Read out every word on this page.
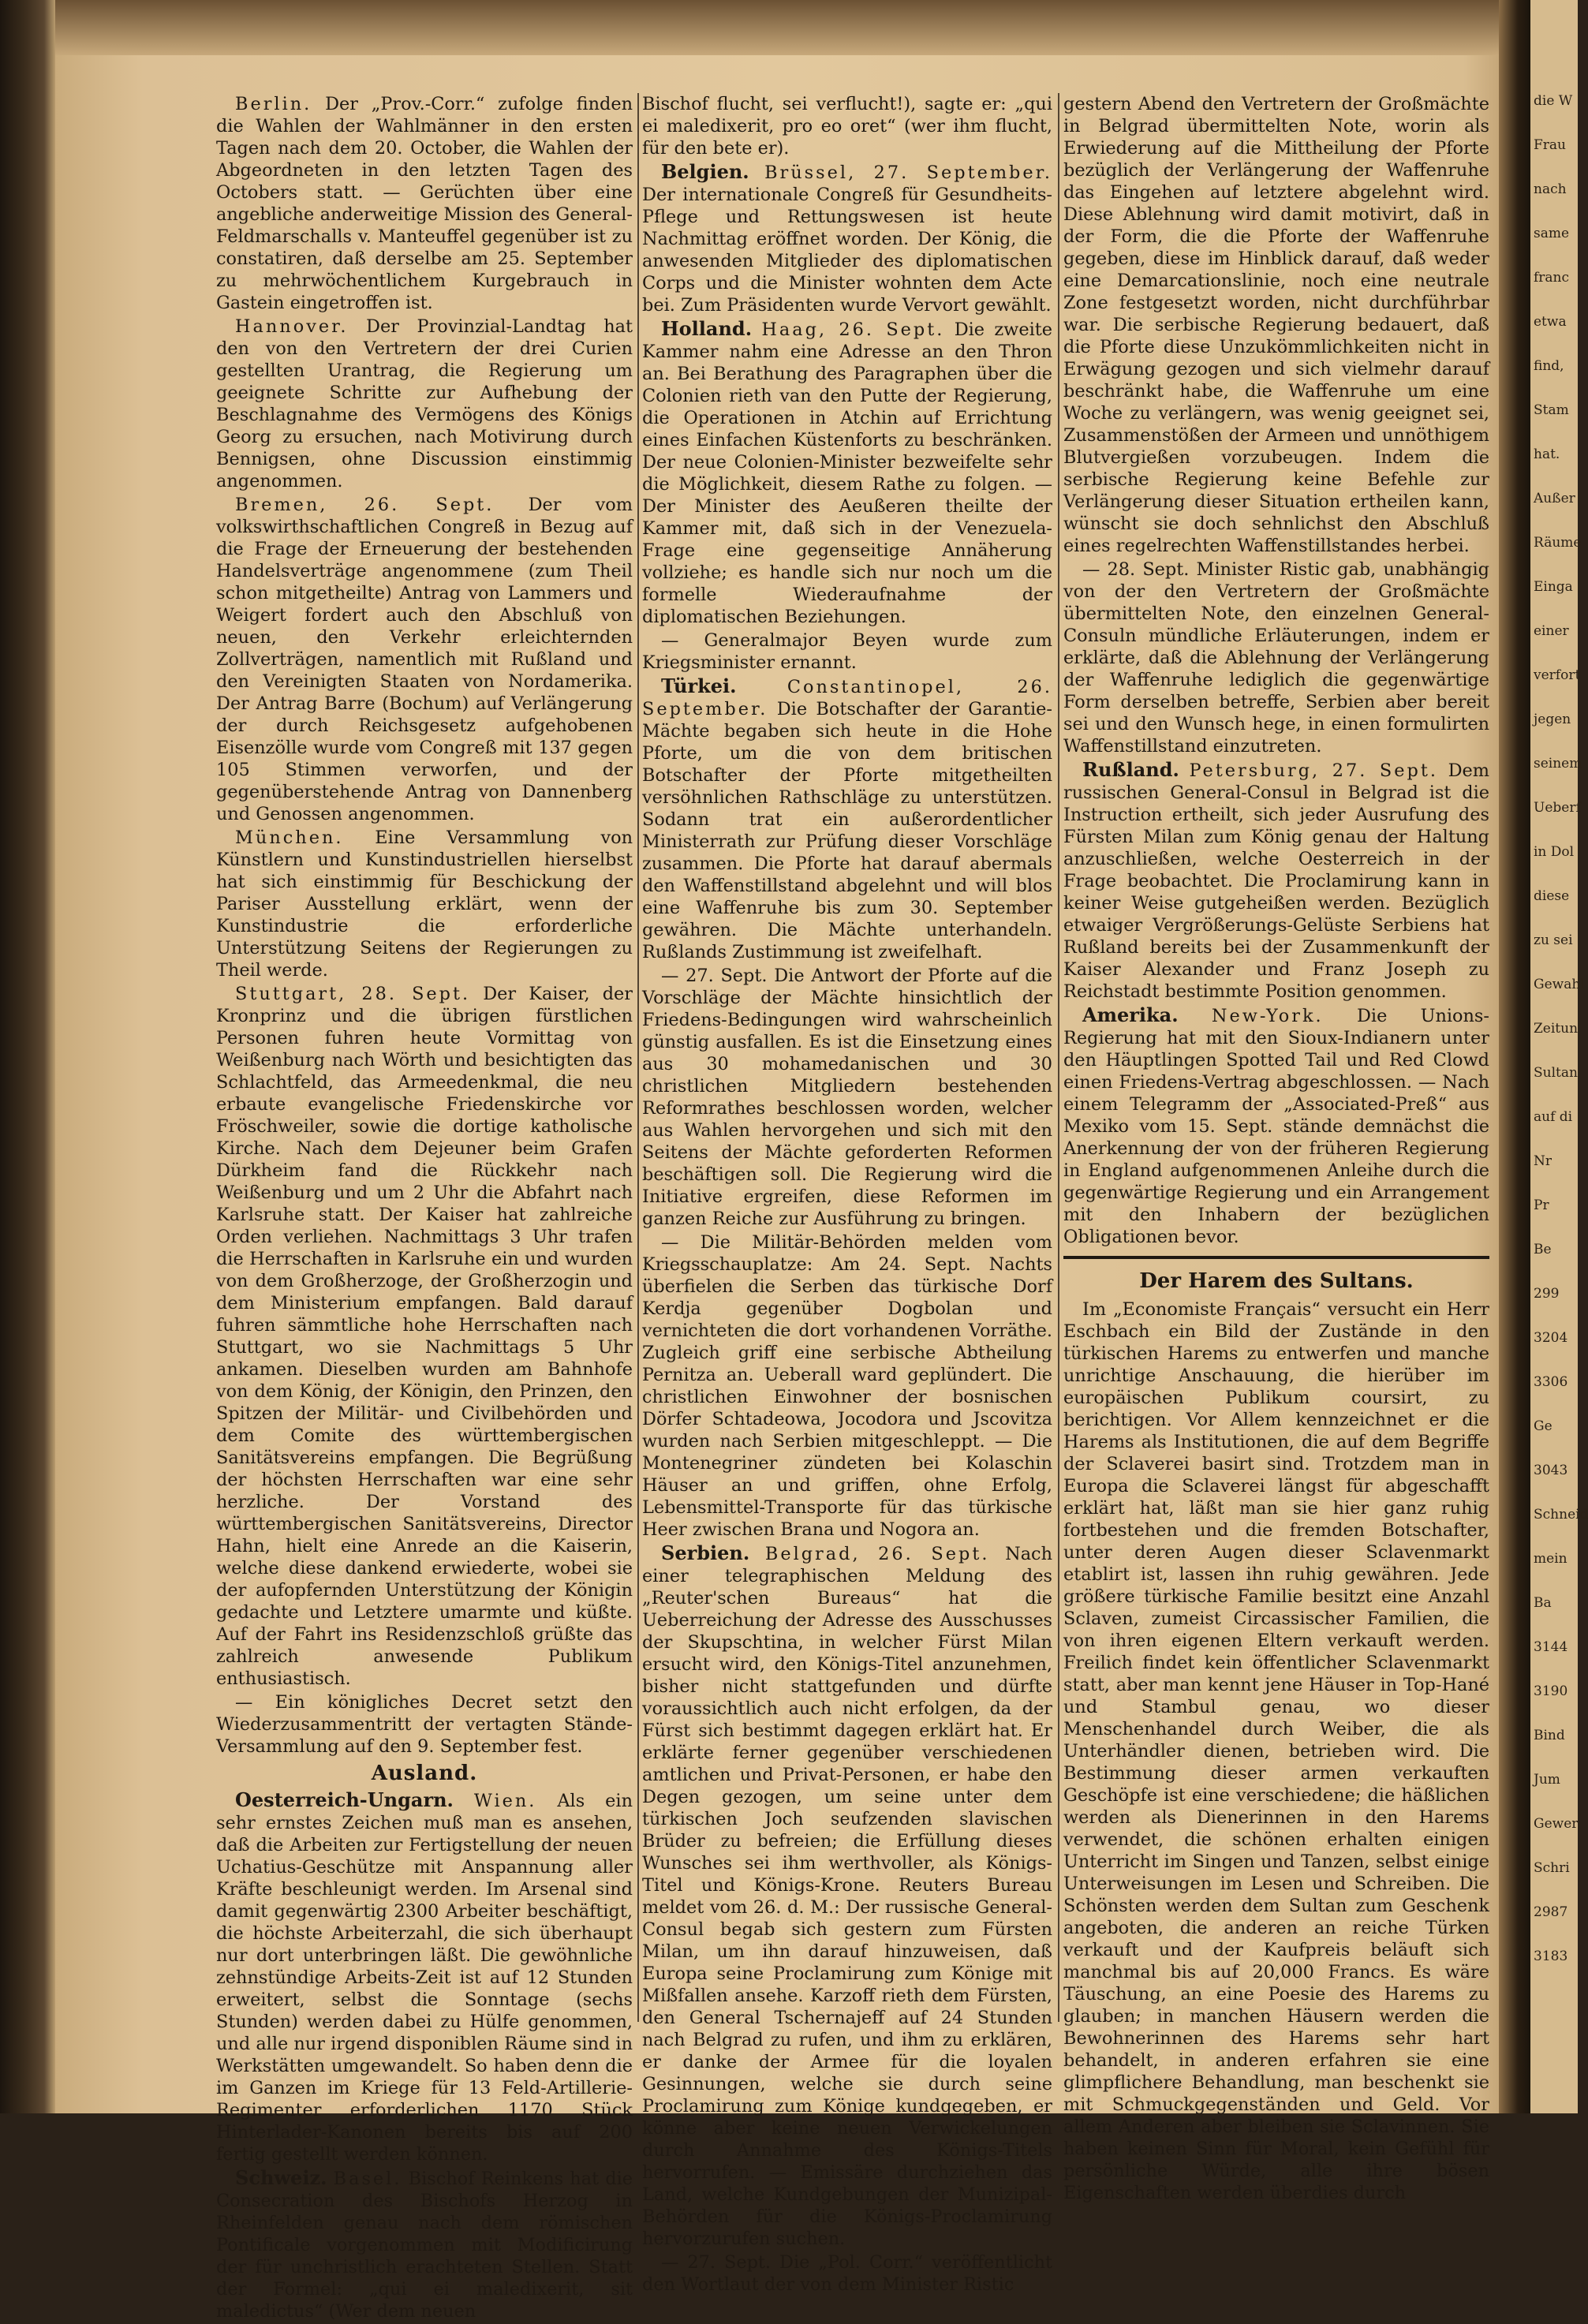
Berlin. Der „Prov.-Corr.“ zufolge finden die Wahlen der Wahlmänner in den ersten Tagen nach dem 20. October, die Wahlen der Abgeordneten in den letzten Tagen des Octobers statt. — Gerüchten über eine angebliche anderweitige Mission des General-Feldmarschalls v. Manteuffel gegenüber ist zu constatiren, daß derselbe am 25. September zu mehrwöchentlichem Kurgebrauch in Gastein eingetroffen ist.

Hannover. Der Provinzial-Landtag hat den von den Vertretern der drei Curien gestellten Urantrag, die Regierung um geeignete Schritte zur Aufhebung der Beschlagnahme des Vermögens des Königs Georg zu ersuchen, nach Motivirung durch Bennigsen, ohne Discussion einstimmig angenommen.

Bremen, 26. Sept. Der vom volkswirthschaftlichen Congreß in Bezug auf die Frage der Erneuerung der bestehenden Handelsverträge angenommene (zum Theil schon mitgetheilte) Antrag von Lammers und Weigert fordert auch den Abschluß von neuen, den Verkehr erleichternden Zollverträgen, namentlich mit Rußland und den Vereinigten Staaten von Nordamerika. Der Antrag Barre (Bochum) auf Verlängerung der durch Reichsgesetz aufgehobenen Eisenzölle wurde vom Congreß mit 137 gegen 105 Stimmen verworfen, und der gegenüberstehende Antrag von Dannenberg und Genossen angenommen.

München. Eine Versammlung von Künstlern und Kunstindustriellen hierselbst hat sich einstimmig für Beschickung der Pariser Ausstellung erklärt, wenn der Kunstindustrie die erforderliche Unterstützung Seitens der Regierungen zu Theil werde.

Stuttgart, 28. Sept. Der Kaiser, der Kronprinz und die übrigen fürstlichen Personen fuhren heute Vormittag von Weißenburg nach Wörth und besichtigten das Schlachtfeld, das Armeedenkmal, die neu erbaute evangelische Friedenskirche vor Fröschweiler, sowie die dortige katholische Kirche. Nach dem Dejeuner beim Grafen Dürkheim fand die Rückkehr nach Weißenburg und um 2 Uhr die Abfahrt nach Karlsruhe statt. Der Kaiser hat zahlreiche Orden verliehen. Nachmittags 3 Uhr trafen die Herrschaften in Karlsruhe ein und wurden von dem Großherzoge, der Großherzogin und dem Ministerium empfangen. Bald darauf fuhren sämmtliche hohe Herrschaften nach Stuttgart, wo sie Nachmittags 5 Uhr ankamen. Dieselben wurden am Bahnhofe von dem König, der Königin, den Prinzen, den Spitzen der Militär- und Civilbehörden und dem Comite des württembergischen Sanitätsvereins empfangen. Die Begrüßung der höchsten Herrschaften war eine sehr herzliche. Der Vorstand des württembergischen Sanitätsvereins, Director Hahn, hielt eine Anrede an die Kaiserin, welche diese dankend erwiederte, wobei sie der aufopfernden Unterstützung der Königin gedachte und Letztere umarmte und küßte. Auf der Fahrt ins Residenzschloß grüßte das zahlreich anwesende Publikum enthusiastisch.

— Ein königliches Decret setzt den Wiederzusammentritt der vertagten Stände-Versammlung auf den 9. September fest.

Ausland.

Oesterreich-Ungarn. Wien. Als ein sehr ernstes Zeichen muß man es ansehen, daß die Arbeiten zur Fertigstellung der neuen Uchatius-Geschütze mit Anspannung aller Kräfte beschleunigt werden. Im Arsenal sind damit gegenwärtig 2300 Arbeiter beschäftigt, die höchste Arbeiterzahl, die sich überhaupt nur dort unterbringen läßt. Die gewöhnliche zehnstündige Arbeits-Zeit ist auf 12 Stunden erweitert, selbst die Sonntage (sechs Stunden) werden dabei zu Hülfe genommen, und alle nur irgend disponiblen Räume sind in Werkstätten umgewandelt. So haben denn die im Ganzen im Kriege für 13 Feld-Artillerie-Regimenter erforderlichen 1170 Stück Hinterlader-Kanonen bereits bis auf 200 fertig gestellt werden können.

Schweiz. Basel. Bischof Reinkens hat die Consecration des Bischofs Herzog in Rheinfelden genau nach dem römischen Pontificale vorgenommen mit Modificirung der für unchristlich erachteten Stellen. Statt der Formel: „qui ei maledixerit, sit maledictus“ (Wer dem neuen

Bischof flucht, sei verflucht!), sagte er: „qui ei maledixerit, pro eo oret“ (wer ihm flucht, für den bete er).

Belgien. Brüssel, 27. September. Der internationale Congreß für Gesundheits-Pflege und Rettungswesen ist heute Nachmittag eröffnet worden. Der König, die anwesenden Mitglieder des diplomatischen Corps und die Minister wohnten dem Acte bei. Zum Präsidenten wurde Vervort gewählt.

Holland. Haag, 26. Sept. Die zweite Kammer nahm eine Adresse an den Thron an. Bei Berathung des Paragraphen über die Colonien rieth van den Putte der Regierung, die Operationen in Atchin auf Errichtung eines Einfachen Küstenforts zu beschränken. Der neue Colonien-Minister bezweifelte sehr die Möglichkeit, diesem Rathe zu folgen. — Der Minister des Aeußeren theilte der Kammer mit, daß sich in der Venezuela-Frage eine gegenseitige Annäherung vollziehe; es handle sich nur noch um die formelle Wiederaufnahme der diplomatischen Beziehungen.

— Generalmajor Beyen wurde zum Kriegsminister ernannt.

Türkei.	Constantinopel, 26. September. Die Botschafter der Garantie-Mächte begaben sich heute in die Hohe Pforte, um die von dem britischen Botschafter der Pforte mitgetheilten versöhnlichen Rathschläge zu unterstützen. Sodann trat ein außerordentlicher Ministerrath zur Prüfung dieser Vorschläge zusammen. Die Pforte hat darauf abermals den Waffenstillstand abgelehnt und will blos eine Waffenruhe bis zum 30. September gewähren. Die Mächte unterhandeln. Rußlands Zustimmung ist zweifelhaft.

— 27. Sept. Die Antwort der Pforte auf die Vorschläge der Mächte hinsichtlich der Friedens-Bedingungen wird wahrscheinlich günstig ausfallen. Es ist die Einsetzung eines aus 30 mohamedanischen und 30 christlichen Mitgliedern bestehenden Reformrathes beschlossen worden, welcher aus Wahlen hervorgehen und sich mit den Seitens der Mächte geforderten Reformen beschäftigen soll. Die Regierung wird die Initiative ergreifen, diese Reformen im ganzen Reiche zur Ausführung zu bringen.

— Die Militär-Behörden melden vom Kriegsschauplatze: Am 24. Sept. Nachts überfielen die Serben das türkische Dorf Kerdja gegenüber Dogbolan und vernichteten die dort vorhandenen Vorräthe. Zugleich griff eine serbische Abtheilung Pernitza an. Ueberall ward geplündert. Die christlichen Einwohner der bosnischen Dörfer Schtadeowa, Jocodora und Jscovitza wurden nach Serbien mitgeschleppt. — Die Montenegriner zündeten bei Kolaschin Häuser an und griffen, ohne Erfolg, Lebensmittel-Transporte für das türkische Heer zwischen Brana und Nogora an.

Serbien. Belgrad, 26. Sept. Nach einer telegraphischen Meldung des „Reuter'schen Bureaus“ hat die Ueberreichung der Adresse des Ausschusses der Skupschtina, in welcher Fürst Milan ersucht wird, den Königs-Titel anzunehmen, bisher nicht stattgefunden und dürfte voraussichtlich auch nicht erfolgen, da der Fürst sich bestimmt dagegen erklärt hat. Er erklärte ferner gegenüber verschiedenen amtlichen und Privat-Personen, er habe den Degen gezogen, um seine unter dem türkischen Joch seufzenden slavischen Brüder zu befreien; die Erfüllung dieses Wunsches sei ihm werthvoller, als Königs-Titel und Königs-Krone. Reuters Bureau meldet vom 26. d. M.: Der russische General-Consul begab sich gestern zum Fürsten Milan, um ihn darauf hinzuweisen, daß Europa seine Proclamirung zum Könige mit Mißfallen ansehe. Karzoff rieth dem Fürsten, den General Tschernajeff auf 24 Stunden nach Belgrad zu rufen, und ihm zu erklären, er danke der Armee für die loyalen Gesinnungen, welche sie durch seine Proclamirung zum Könige kundgegeben, er könne aber keine neuen Verwickelungen durch Annahme des Königs-Titels hervorrufen. — Emissäre durchziehen das Land, welche Kundgebungen der Munizipal-Behörden für die Königs-Proclamirung hervorzurufen suchen.

— 27. Sept. Die „Pol. Corr.“ veröffentlicht den Wortlaut der von dem Minister Ristic

gestern Abend den Vertretern der Großmächte in Belgrad übermittelten Note, worin als Erwiederung auf die Mittheilung der Pforte bezüglich der Verlängerung der Waffenruhe das Eingehen auf letztere abgelehnt wird. Diese Ablehnung wird damit motivirt, daß in der Form, die die Pforte der Waffenruhe gegeben, diese im Hinblick darauf, daß weder eine Demarcationslinie, noch eine neutrale Zone festgesetzt worden, nicht durchführbar war. Die serbische Regierung bedauert, daß die Pforte diese Unzukömmlichkeiten nicht in Erwägung gezogen und sich vielmehr darauf beschränkt habe, die Waffenruhe um eine Woche zu verlängern, was wenig geeignet sei, Zusammenstößen der Armeen und unnöthigem Blutvergießen vorzubeugen. Indem die serbische Regierung keine Befehle zur Verlängerung dieser Situation ertheilen kann, wünscht sie doch sehnlichst den Abschluß eines regelrechten Waffenstillstandes herbei.

— 28. Sept. Minister Ristic gab, unabhängig von der den Vertretern der Großmächte übermittelten Note, den einzelnen General-Consuln mündliche Erläuterungen, indem er erklärte, daß die Ablehnung der Verlängerung der Waffenruhe lediglich die gegenwärtige Form derselben betreffe, Serbien aber bereit sei und den Wunsch hege, in einen formulirten Waffenstillstand einzutreten.

Rußland. Petersburg, 27. Sept. Dem russischen General-Consul in Belgrad ist die Instruction ertheilt, sich jeder Ausrufung des Fürsten Milan zum König genau der Haltung anzuschließen, welche Oesterreich in der Frage beobachtet. Die Proclamirung kann in keiner Weise gutgeheißen werden. Bezüglich etwaiger Vergrößerungs-Gelüste Serbiens hat Rußland bereits bei der Zusammenkunft der Kaiser Alexander und Franz Joseph zu Reichstadt bestimmte Position genommen.

Amerika. New-York. Die Unions-Regierung hat mit den Sioux-Indianern unter den Häuptlingen Spotted Tail und Red Clowd einen Friedens-Vertrag abgeschlossen. — Nach einem Telegramm der „Associated-Preß“ aus Mexiko vom 15. Sept. stände demnächst die Anerkennung der von der früheren Regierung in England aufgenommenen Anleihe durch die gegenwärtige Regierung und ein Arrangement mit den Inhabern der bezüglichen Obligationen bevor.

Der Harem des Sultans.

Im „Economiste Français“ versucht ein Herr Eschbach ein Bild der Zustände in den türkischen Harems zu entwerfen und manche unrichtige Anschauung, die hierüber im europäischen Publikum coursirt, zu berichtigen. Vor Allem kennzeichnet er die Harems als Institutionen, die auf dem Begriffe der Sclaverei basirt sind. Trotzdem man in Europa die Sclaverei längst für abgeschafft erklärt hat, läßt man sie hier ganz ruhig fortbestehen und die fremden Botschafter, unter deren Augen dieser Sclavenmarkt etablirt ist, lassen ihn ruhig gewähren. Jede größere türkische Familie besitzt eine Anzahl Sclaven, zumeist Circassischer Familien, die von ihren eigenen Eltern verkauft werden. Freilich findet kein öffentlicher Sclavenmarkt statt, aber man kennt jene Häuser in Top-Hané und Stambul genau, wo dieser Menschenhandel durch Weiber, die als Unterhändler dienen, betrieben wird. Die Bestimmung dieser armen verkauften Geschöpfe ist eine verschiedene; die häßlichen werden als Dienerinnen in den Harems verwendet, die schönen erhalten einigen Unterricht im Singen und Tanzen, selbst einige Unterweisungen im Lesen und Schreiben. Die Schönsten werden dem Sultan zum Geschenk angeboten, die anderen an reiche Türken verkauft und der Kaufpreis beläuft sich manchmal bis auf 20,000 Francs. Es wäre Täuschung, an eine Poesie des Harems zu glauben; in manchen Häusern werden die Bewohnerinnen des Harems sehr hart behandelt, in anderen erfahren sie eine glimpflichere Behandlung, man beschenkt sie mit Schmuckgegenständen und Geld. Vor allem Anderen aber bleiben sie Sclavinnen. Sie haben keinen Sinn für Moral, kein Gefühl für persönliche Würde, alle ihre bösen Eigenschaften werden überdies durch

die W
Frau
nach
same
franc
etwa
find,
Stam
hat.
Außer
Räume
Einga
einer
verfort
jegen
seinem
Ueberf
in Dol
diese
zu sei
Gewahl
Zeitun
Sultan
auf di
Nr
Pr
Be
299
3204
3306
Ge
3043
Schneid
mein
Ba
3144
3190
Bind
Jum
Gewer
Schri
2987
3183
